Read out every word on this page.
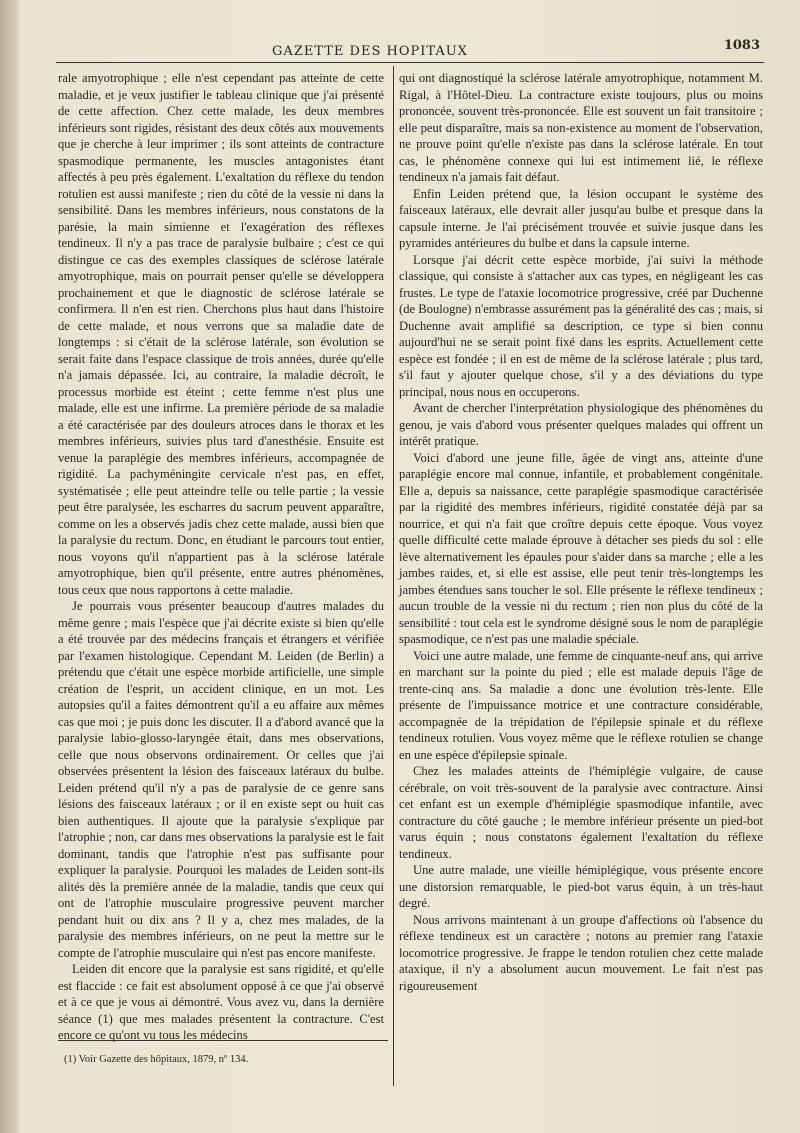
GAZETTE DES HOPITAUX	1083

rale amyotrophique ; elle n'est cependant pas atteinte de cette maladie, et je veux justifier le tableau clinique que j'ai présenté de cette affection. Chez cette malade, les deux membres inférieurs sont rigides, résistant des deux côtés aux mouvements que je cherche à leur imprimer ; ils sont atteints de contracture spasmodique permanente, les muscles antagonistes étant affectés à peu près également. L'exaltation du réflexe du tendon rotulien est aussi manifeste ; rien du côté de la vessie ni dans la sensibilité. Dans les membres inférieurs, nous constatons de la parésie, la main simienne et l'exagération des réflexes tendineux. Il n'y a pas trace de paralysie bulbaire ; c'est ce qui distingue ce cas des exemples classiques de sclérose latérale amyotrophique, mais on pourrait penser qu'elle se développera prochainement et que le diagnostic de sclérose latérale se confirmera. Il n'en est rien. Cherchons plus haut dans l'histoire de cette malade, et nous verrons que sa maladie date de longtemps : si c'était de la sclérose latérale, son évolution se serait faite dans l'espace classique de trois années, durée qu'elle n'a jamais dépassée. Ici, au contraire, la maladie décroît, le processus morbide est éteint ; cette femme n'est plus une malade, elle est une infirme. La première période de sa maladie a été caractérisée par des douleurs atroces dans le thorax et les membres inférieurs, suivies plus tard d'anesthésie. Ensuite est venue la paraplégie des membres inférieurs, accompagnée de rigidité. La pachyméningite cervicale n'est pas, en effet, systématisée ; elle peut atteindre telle ou telle partie ; la vessie peut être paralysée, les escharres du sacrum peuvent apparaître, comme on les a observés jadis chez cette malade, aussi bien que la paralysie du rectum. Donc, en étudiant le parcours tout entier, nous voyons qu'il n'appartient pas à la sclérose latérale amyotrophique, bien qu'il présente, entre autres phénomènes, tous ceux que nous rapportons à cette maladie.

Je pourrais vous présenter beaucoup d'autres malades du même genre ; mais l'espèce que j'ai décrite existe si bien qu'elle a été trouvée par des médecins français et étrangers et vérifiée par l'examen histologique. Cependant M. Leiden (de Berlin) a prétendu que c'était une espèce morbide artificielle, une simple création de l'esprit, un accident clinique, en un mot. Les autopsies qu'il a faites démontrent qu'il a eu affaire aux mêmes cas que moi ; je puis donc les discuter. Il a d'abord avancé que la paralysie labio-glosso-laryngée était, dans mes observations, celle que nous observons ordinairement. Or celles que j'ai observées présentent la lésion des faisceaux latéraux du bulbe. Leiden prétend qu'il n'y a pas de paralysie de ce genre sans lésions des faisceaux latéraux ; or il en existe sept ou huit cas bien authentiques. Il ajoute que la paralysie s'explique par l'atrophie ; non, car dans mes observations la paralysie est le fait dominant, tandis que l'atrophie n'est pas suffisante pour expliquer la paralysie. Pourquoi les malades de Leiden sont-ils alités dès la première année de la maladie, tandis que ceux qui ont de l'atrophie musculaire progressive peuvent marcher pendant huit ou dix ans ? Il y a, chez mes malades, de la paralysie des membres inférieurs, on ne peut la mettre sur le compte de l'atrophie musculaire qui n'est pas encore manifeste.

Leiden dit encore que la paralysie est sans rigidité, et qu'elle est flaccide : ce fait est absolument opposé à ce que j'ai observé et à ce que je vous ai démontré. Vous avez vu, dans la dernière séance (1) que mes malades présentent la contracture. C'est encore ce qu'ont vu tous les médecins

qui ont diagnostiqué la sclérose latérale amyotrophique, notamment M. Rigal, à l'Hôtel-Dieu. La contracture existe toujours, plus ou moins prononcée, souvent très-prononcée. Elle est souvent un fait transitoire ; elle peut disparaître, mais sa non-existence au moment de l'observation, ne prouve point qu'elle n'existe pas dans la sclérose latérale. En tout cas, le phénomène connexe qui lui est intimement lié, le réflexe tendineux n'a jamais fait défaut.

Enfin Leiden prétend que, la lésion occupant le système des faisceaux latéraux, elle devrait aller jusqu'au bulbe et presque dans la capsule interne. Je l'ai précisément trouvée et suivie jusque dans les pyramides antérieures du bulbe et dans la capsule interne.

Lorsque j'ai décrit cette espèce morbide, j'ai suivi la méthode classique, qui consiste à s'attacher aux cas types, en négligeant les cas frustes. Le type de l'ataxie locomotrice progressive, créé par Duchenne (de Boulogne) n'embrasse assurément pas la généralité des cas ; mais, si Duchenne avait amplifié sa description, ce type si bien connu aujourd'hui ne se serait point fixé dans les esprits. Actuellement cette espèce est fondée ; il en est de même de la sclérose latérale ; plus tard, s'il faut y ajouter quelque chose, s'il y a des déviations du type principal, nous nous en occuperons.

Avant de chercher l'interprétation physiologique des phénomènes du genou, je vais d'abord vous présenter quelques malades qui offrent un intérêt pratique.

Voici d'abord une jeune fille, âgée de vingt ans, atteinte d'une paraplégie encore mal connue, infantile, et probablement congénitale. Elle a, depuis sa naissance, cette paraplégie spasmodique caractérisée par la rigidité des membres inférieurs, rigidité constatée déjà par sa nourrice, et qui n'a fait que croître depuis cette époque. Vous voyez quelle difficulté cette malade éprouve à détacher ses pieds du sol : elle lève alternativement les épaules pour s'aider dans sa marche ; elle a les jambes raides, et, si elle est assise, elle peut tenir très-longtemps les jambes étendues sans toucher le sol. Elle présente le réflexe tendineux ; aucun trouble de la vessie ni du rectum ; rien non plus du côté de la sensibilité : tout cela est le syndrome désigné sous le nom de paraplégie spasmodique, ce n'est pas une maladie spéciale.

Voici une autre malade, une femme de cinquante-neuf ans, qui arrive en marchant sur la pointe du pied ; elle est malade depuis l'âge de trente-cinq ans. Sa maladie a donc une évolution très-lente. Elle présente de l'impuissance motrice et une contracture considérable, accompagnée de la trépidation de l'épilepsie spinale et du réflexe tendineux rotulien. Vous voyez même que le réflexe rotulien se change en une espèce d'épilepsie spinale.

Chez les malades atteints de l'hémiplégie vulgaire, de cause cérébrale, on voit très-souvent de la paralysie avec contracture. Ainsi cet enfant est un exemple d'hémiplégie spasmodique infantile, avec contracture du côté gauche ; le membre inférieur présente un pied-bot varus équin ; nous constatons également l'exaltation du réflexe tendineux.

Une autre malade, une vieille hémiplégique, vous présente encore une distorsion remarquable, le pied-bot varus équin, à un très-haut degré.

Nous arrivons maintenant à un groupe d'affections où l'absence du réflexe tendineux est un caractère ; notons au premier rang l'ataxie locomotrice progressive. Je frappe le tendon rotulien chez cette malade ataxique, il n'y a absolument aucun mouvement. Le fait n'est pas rigoureusement

(1) Voir Gazette des hôpitaux, 1879, nº 134.
